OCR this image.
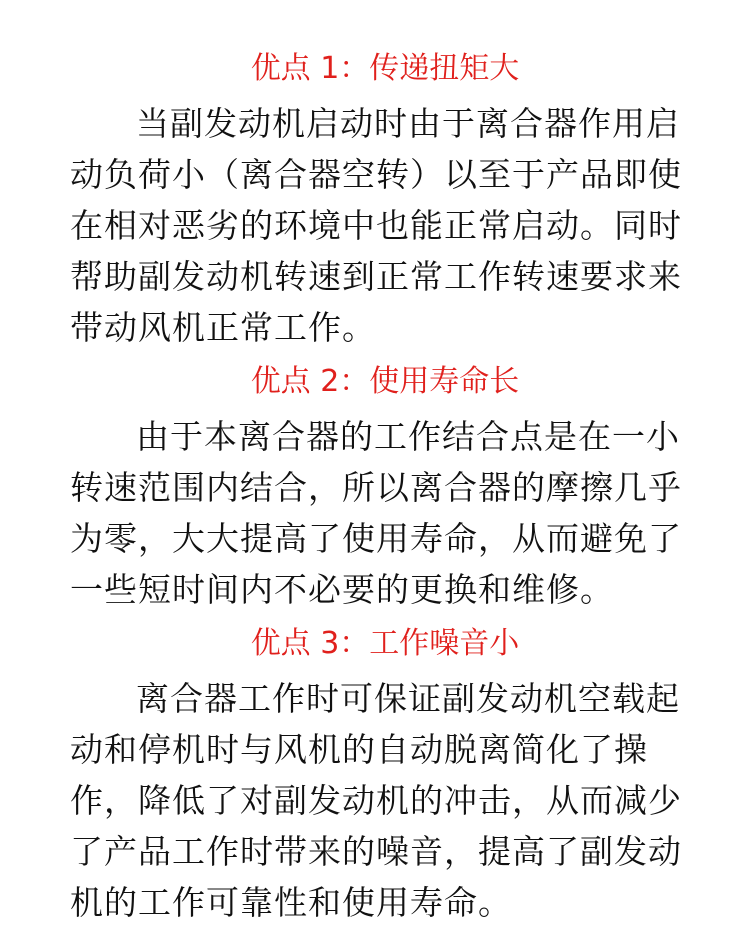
优点 1：传递扭矩大

当副发动机启动时由于离合器作用启动负荷小（离合器空转）以至于产品即使在相对恶劣的环境中也能正常启动。同时帮助副发动机转速到正常工作转速要求来带动风机正常工作。

优点 2：使用寿命长

由于本离合器的工作结合点是在一小转速范围内结合，所以离合器的摩擦几乎为零，大大提高了使用寿命，从而避免了一些短时间内不必要的更换和维修。

优点 3：工作噪音小

离合器工作时可保证副发动机空载起动和停机时与风机的自动脱离简化了操作，降低了对副发动机的冲击，从而减少了产品工作时带来的噪音，提高了副发动机的工作可靠性和使用寿命。
